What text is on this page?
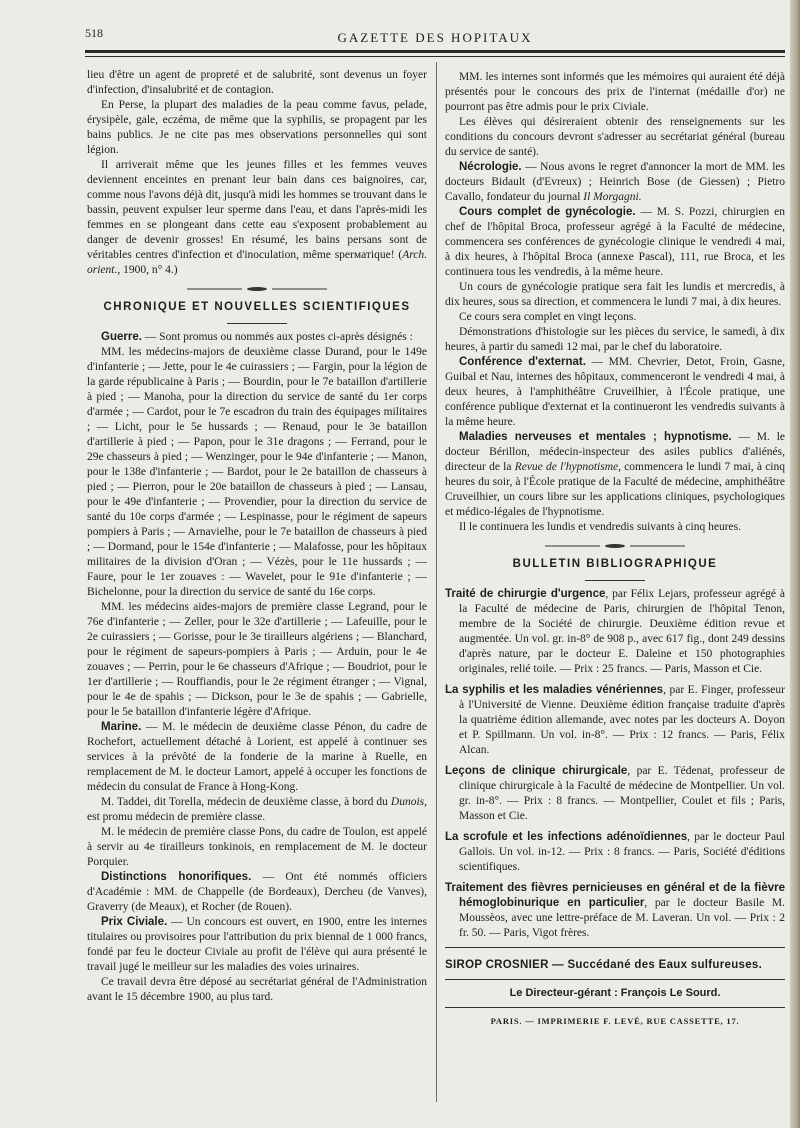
518	GAZETTE DES HOPITAUX

lieu d'être un agent de propreté et de salubrité, sont devenus un foyer d'infection, d'insalubrité et de contagion.

En Perse, la plupart des maladies de la peau comme favus, pelade, érysipèle, gale, eczéma, de même que la syphilis, se propagent par les bains publics. Je ne cite pas mes observations personnelles qui sont légion.

Il arriverait même que les jeunes filles et les femmes veuves deviennent enceintes en prenant leur bain dans ces baignoires, car, comme nous l'avons déjà dit, jusqu'à midi les hommes se trouvant dans le bassin, peuvent expulser leur sperme dans l'eau, et dans l'après-midi les femmes en se plongeant dans cette eau s'exposent probablement au danger de devenir grosses! En résumé, les bains persans sont de véritables centres d'infection et d'inoculation, même sperматique! (Arch. orient., 1900, n° 4.)

CHRONIQUE ET NOUVELLES SCIENTIFIQUES

Guerre. — Sont promus ou nommés aux postes ci-après désignés :

MM. les médecins-majors de deuxième classe Durand, pour le 149e d'infanterie ; — Jette, pour le 4e cuirassiers ; — Fargin, pour la légion de la garde républicaine à Paris ; — Bourdin, pour le 7e bataillon d'artillerie à pied ; — Manoha, pour la direction du service de santé du 1er corps d'armée ; — Cardot, pour le 7e escadron du train des équipages militaires ; — Licht, pour le 5e hussards ; — Renaud, pour le 3e bataillon d'artillerie à pied ; — Papon, pour le 31e dragons ; — Ferrand, pour le 29e chasseurs à pied ; — Wenzinger, pour le 94e d'infanterie ; — Manon, pour le 138e d'infanterie ; — Bardot, pour le 2e bataillon de chasseurs à pied ; — Pierron, pour le 20e bataillon de chasseurs à pied ; — Lansau, pour le 49e d'infanterie ; — Provendier, pour la direction du service de santé du 10e corps d'armée ; — Lespinasse, pour le régiment de sapeurs pompiers à Paris ; — Arnavielhe, pour le 7e bataillon de chasseurs à pied ; — Dormand, pour le 154e d'infanterie ; — Malafosse, pour les hôpitaux militaires de la division d'Oran ; — Vézès, pour le 11e hussards ; — Faure, pour le 1er zouaves : — Wavelet, pour le 91e d'infanterie ; — Bichelonne, pour la direction du service de santé du 16e corps.

MM. les médecins aides-majors de première classe Legrand, pour le 76e d'infanterie ; — Zeller, pour le 32e d'artillerie ; — Lafeuille, pour le 2e cuirassiers ; — Gorisse, pour le 3e tirailleurs algériens ; — Blanchard, pour le régiment de sapeurs-pompiers à Paris ; — Arduin, pour le 4e zouaves ; — Perrin, pour le 6e chasseurs d'Afrique ; — Boudriot, pour le 1er d'artillerie ; — Rouffiandis, pour le 2e régiment étranger ; — Vignal, pour le 4e de spahis ; — Dickson, pour le 3e de spahis ; — Gabrielle, pour le 5e bataillon d'infanterie légère d'Afrique.

Marine. — M. le médecin de deuxième classe Pénon, du cadre de Rochefort, actuellement détaché à Lorient, est appelé à continuer ses services à la prévôté de la fonderie de la marine à Ruelle, en remplacement de M. le docteur Lamort, appelé à occuper les fonctions de médecin du consulat de France à Hong-Kong.

M. Taddei, dit Torella, médecin de deuxième classe, à bord du Dunois, est promu médecin de première classe.

M. le médecin de première classe Pons, du cadre de Toulon, est appelé à servir au 4e tirailleurs tonkinois, en remplacement de M. le docteur Porquier.

Distinctions honorifiques. — Ont été nommés officiers d'Académie : MM. de Chappelle (de Bordeaux), Dercheu (de Vanves), Graverry (de Meaux), et Rocher (de Rouen).

Prix Civiale. — Un concours est ouvert, en 1900, entre les internes titulaires ou provisoires pour l'attribution du prix biennal de 1 000 francs, fondé par feu le docteur Civiale au profit de l'élève qui aura présenté le travail jugé le meilleur sur les maladies des voies urinaires.

Ce travail devra être déposé au secrétariat général de l'Administration avant le 15 décembre 1900, au plus tard.

MM. les internes sont informés que les mémoires qui auraient été déjà présentés pour le concours des prix de l'internat (médaille d'or) ne pourront pas être admis pour le prix Civiale.

Les élèves qui désireraient obtenir des renseignements sur les conditions du concours devront s'adresser au secrétariat général (bureau du service de santé).

Nécrologie. — Nous avons le regret d'annoncer la mort de MM. les docteurs Bidault (d'Evreux) ; Heinrich Bose (de Giessen) ; Pietro Cavallo, fondateur du journal Il Morgagni.

Cours complet de gynécologie. — M. S. Pozzi, chirurgien en chef de l'hôpital Broca, professeur agrégé à la Faculté de médecine, commencera ses conférences de gynécologie clinique le vendredi 4 mai, à dix heures, à l'hôpital Broca (annexe Pascal), 111, rue Broca, et les continuera tous les vendredis, à la même heure.

Un cours de gynécologie pratique sera fait les lundis et mercredis, à dix heures, sous sa direction, et commencera le lundi 7 mai, à dix heures.

Ce cours sera complet en vingt leçons.

Démonstrations d'histologie sur les pièces du service, le samedi, à dix heures, à partir du samedi 12 mai, par le chef du laboratoire.

Conférence d'externat. — MM. Chevrier, Detot, Froin, Gasne, Guibal et Nau, internes des hôpitaux, commenceront le vendredi 4 mai, à deux heures, à l'amphithéâtre Cruveilhier, à l'École pratique, une conférence publique d'externat et la continueront les vendredis suivants à la même heure.

Maladies nerveuses et mentales ; hypnotisme. — M. le docteur Bérillon, médecin-inspecteur des asiles publics d'aliénés, directeur de la Revue de l'hypnotisme, commencera le lundi 7 mai, à cinq heures du soir, à l'École pratique de la Faculté de médecine, amphithéâtre Cruveilhier, un cours libre sur les applications cliniques, psychologiques et médico-légales de l'hypnotisme.

Il le continuera les lundis et vendredis suivants à cinq heures.

BULLETIN BIBLIOGRAPHIQUE

Traité de chirurgie d'urgence, par Félix Lejars, professeur agrégé à la Faculté de médecine de Paris, chirurgien de l'hôpital Tenon, membre de la Société de chirurgie. Deuxième édition revue et augmentée. Un vol. gr. in-8° de 908 p., avec 617 fig., dont 249 dessins d'après nature, par le docteur E. Daleine et 150 photographies originales, relié toile. — Prix : 25 francs. — Paris, Masson et Cie.

La syphilis et les maladies vénériennes, par E. Finger, professeur à l'Université de Vienne. Deuxième édition française traduite d'après la quatrième édition allemande, avec notes par les docteurs A. Doyon et P. Spillmann. Un vol. in-8°. — Prix : 12 francs. — Paris, Félix Alcan.

Leçons de clinique chirurgicale, par E. Tédenat, professeur de clinique chirurgicale à la Faculté de médecine de Montpellier. Un vol. gr. in-8°. — Prix : 8 francs. — Montpellier, Coulet et fils ; Paris, Masson et Cie.

La scrofule et les infections adénoïdiennes, par le docteur Paul Gallois. Un vol. in-12. — Prix : 8 francs. — Paris, Société d'éditions scientifiques.

Traitement des fièvres pernicieuses en général et de la fièvre hémoglobinurique en particulier, par le docteur Basile M. Moussèos, avec une lettre-préface de M. Laveran. Un vol. — Prix : 2 fr. 50. — Paris, Vigot frères.

SIROP CROSNIER — Succédané des Eaux sulfureuses.

Le Directeur-gérant : François Le Sourd.
PARIS. — IMPRIMERIE F. LEVÉ, RUE CASSETTE, 17.
